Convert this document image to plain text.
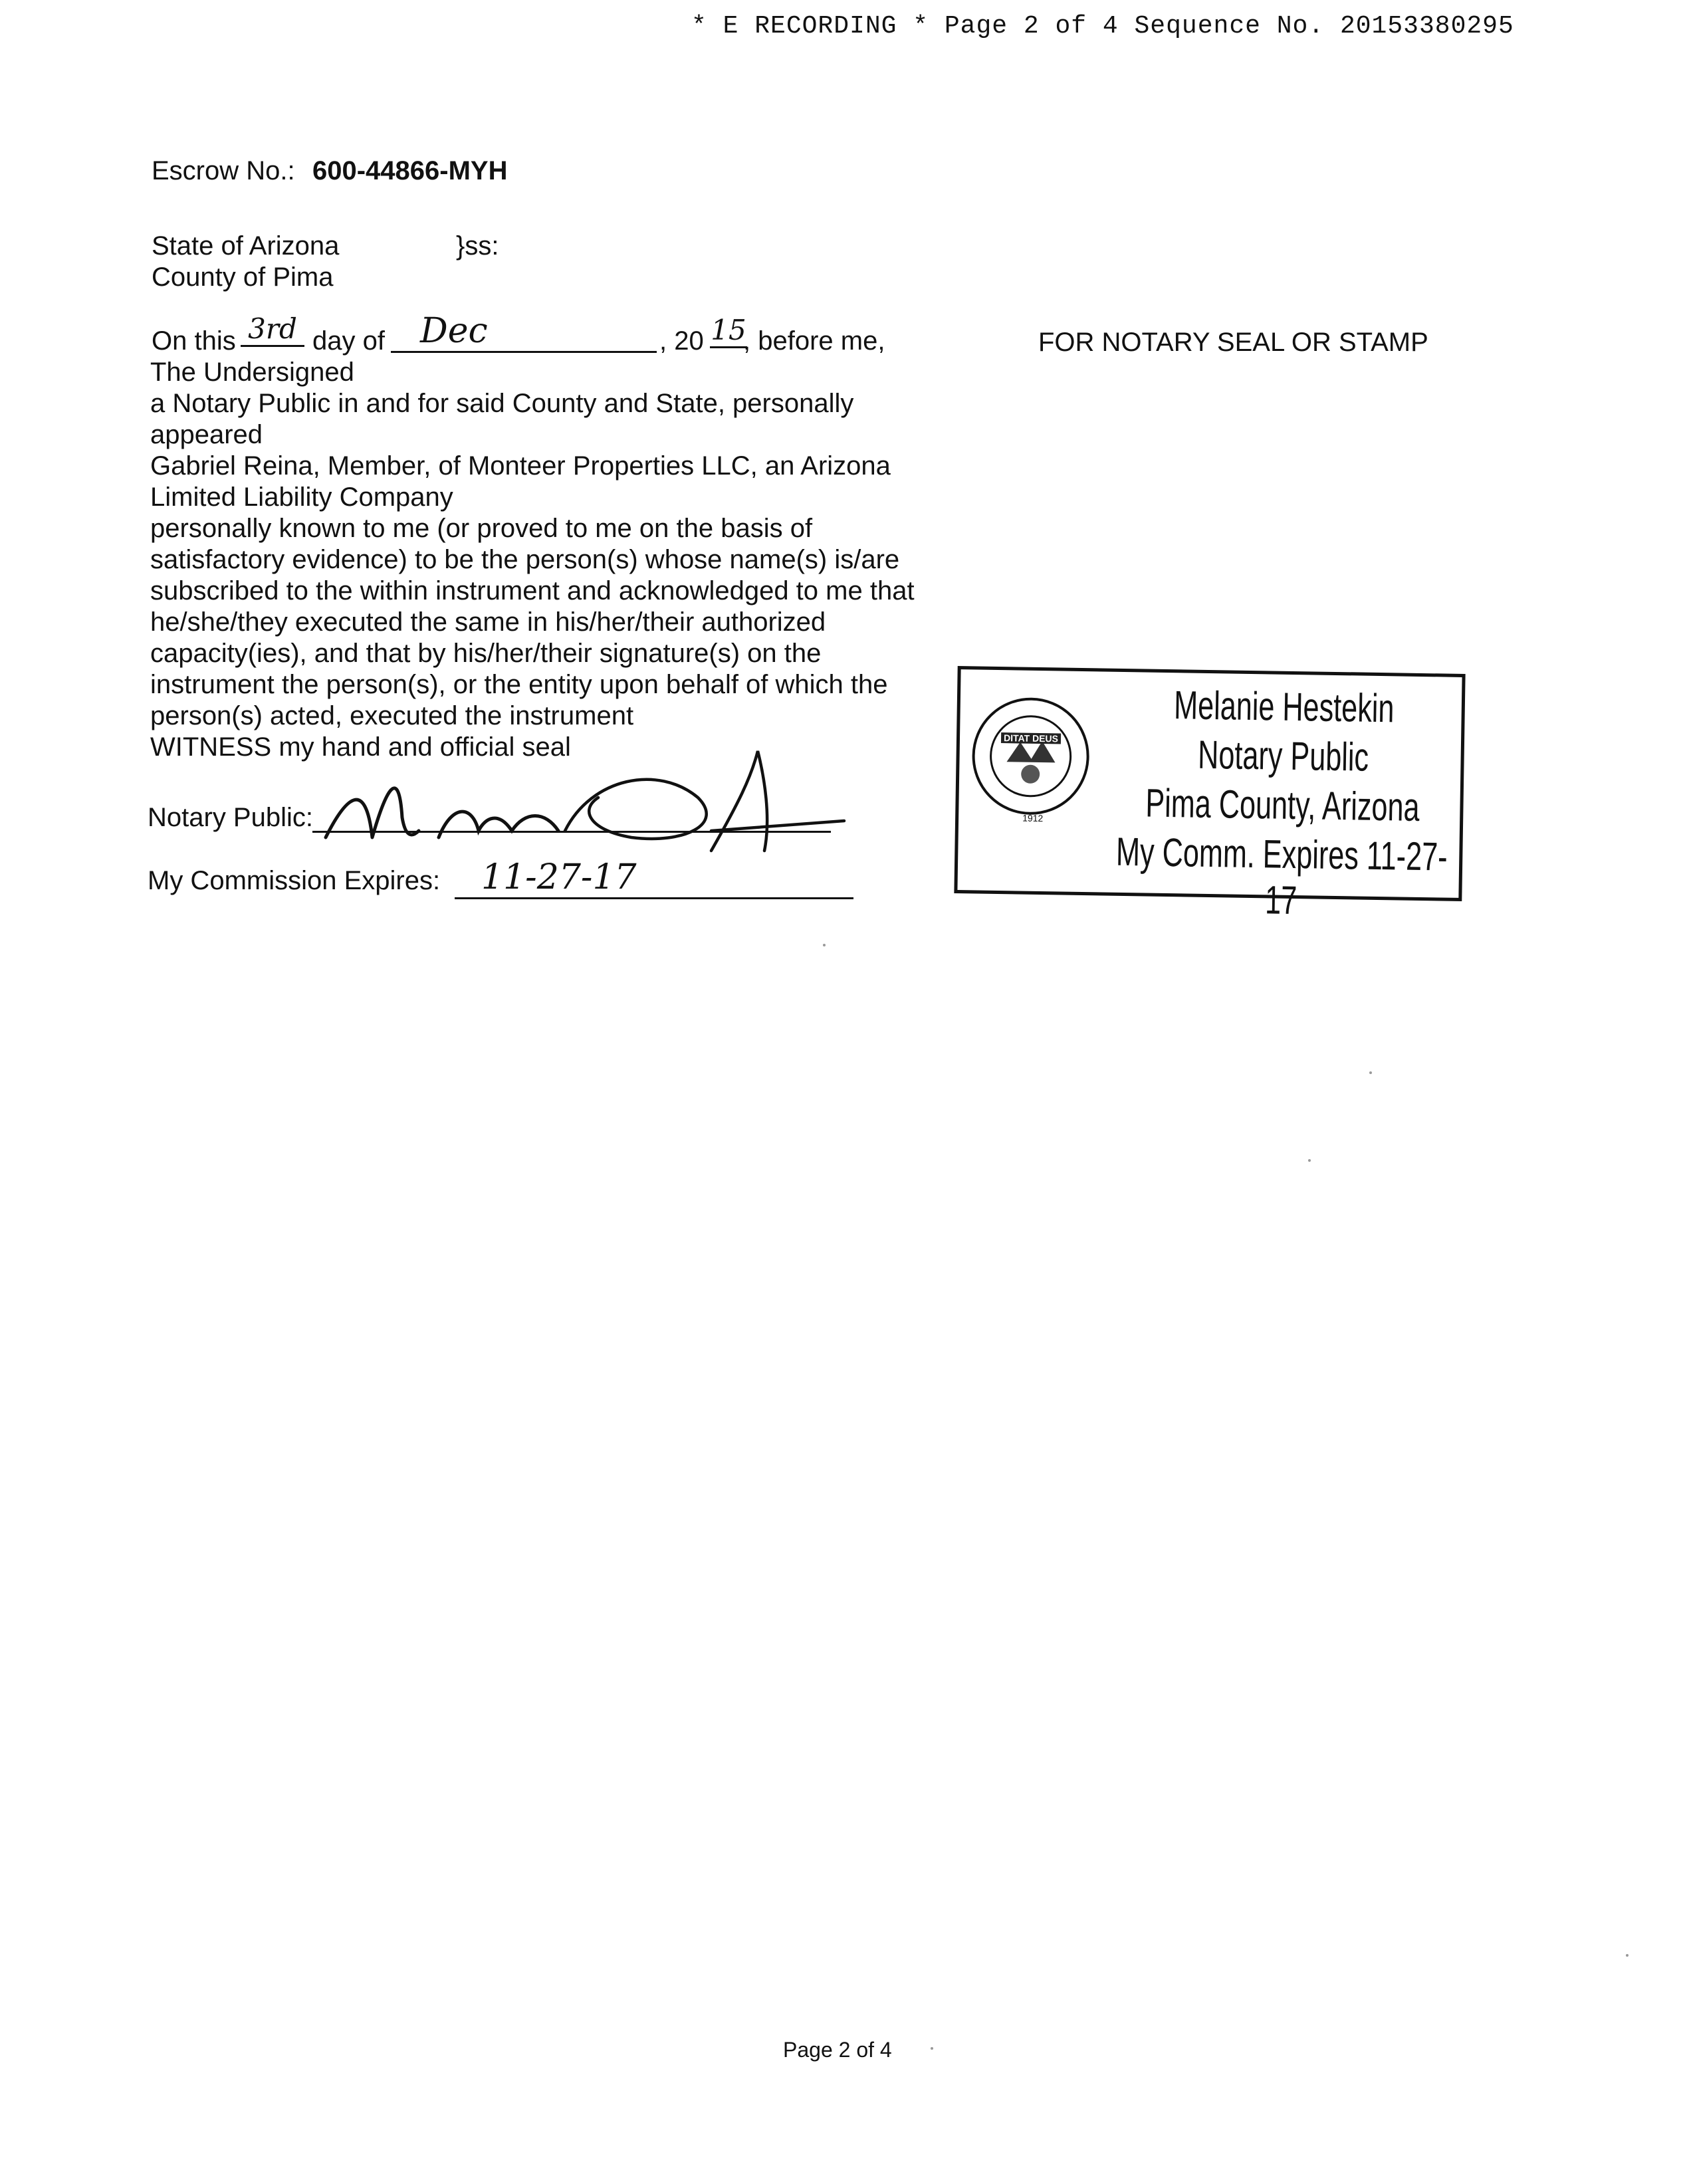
* E RECORDING * Page 2 of 4 Sequence No. 20153380295
Escrow No.: 600-44866-MYH
State of Arizona	}ss:
County of Pima
On this 3rd day of	Dec	, 20 15
, before me,
The Undersigned
a Notary Public in and for said County and State, personally
appeared
Gabriel Reina, Member, of Monteer Properties LLC, an Arizona
Limited Liability Company
personally known to me (or proved to me on the basis of
satisfactory evidence) to be the person(s) whose name(s) is/are
subscribed to the within instrument and acknowledged to me that
he/she/they executed the same in his/her/their authorized
capacity(ies), and that by his/her/their signature(s) on the
instrument the person(s), or the entity upon behalf of which the
person(s) acted, executed the instrument
WITNESS my hand and official seal
Notary Public:
My Commission Expires:	11-27-17
FOR NOTARY SEAL OR STAMP
DITAT DEUS
1912
Melanie Hestekin
Notary Public
Pima County, Arizona
My Comm. Expires 11-27-17
Page 2 of 4
